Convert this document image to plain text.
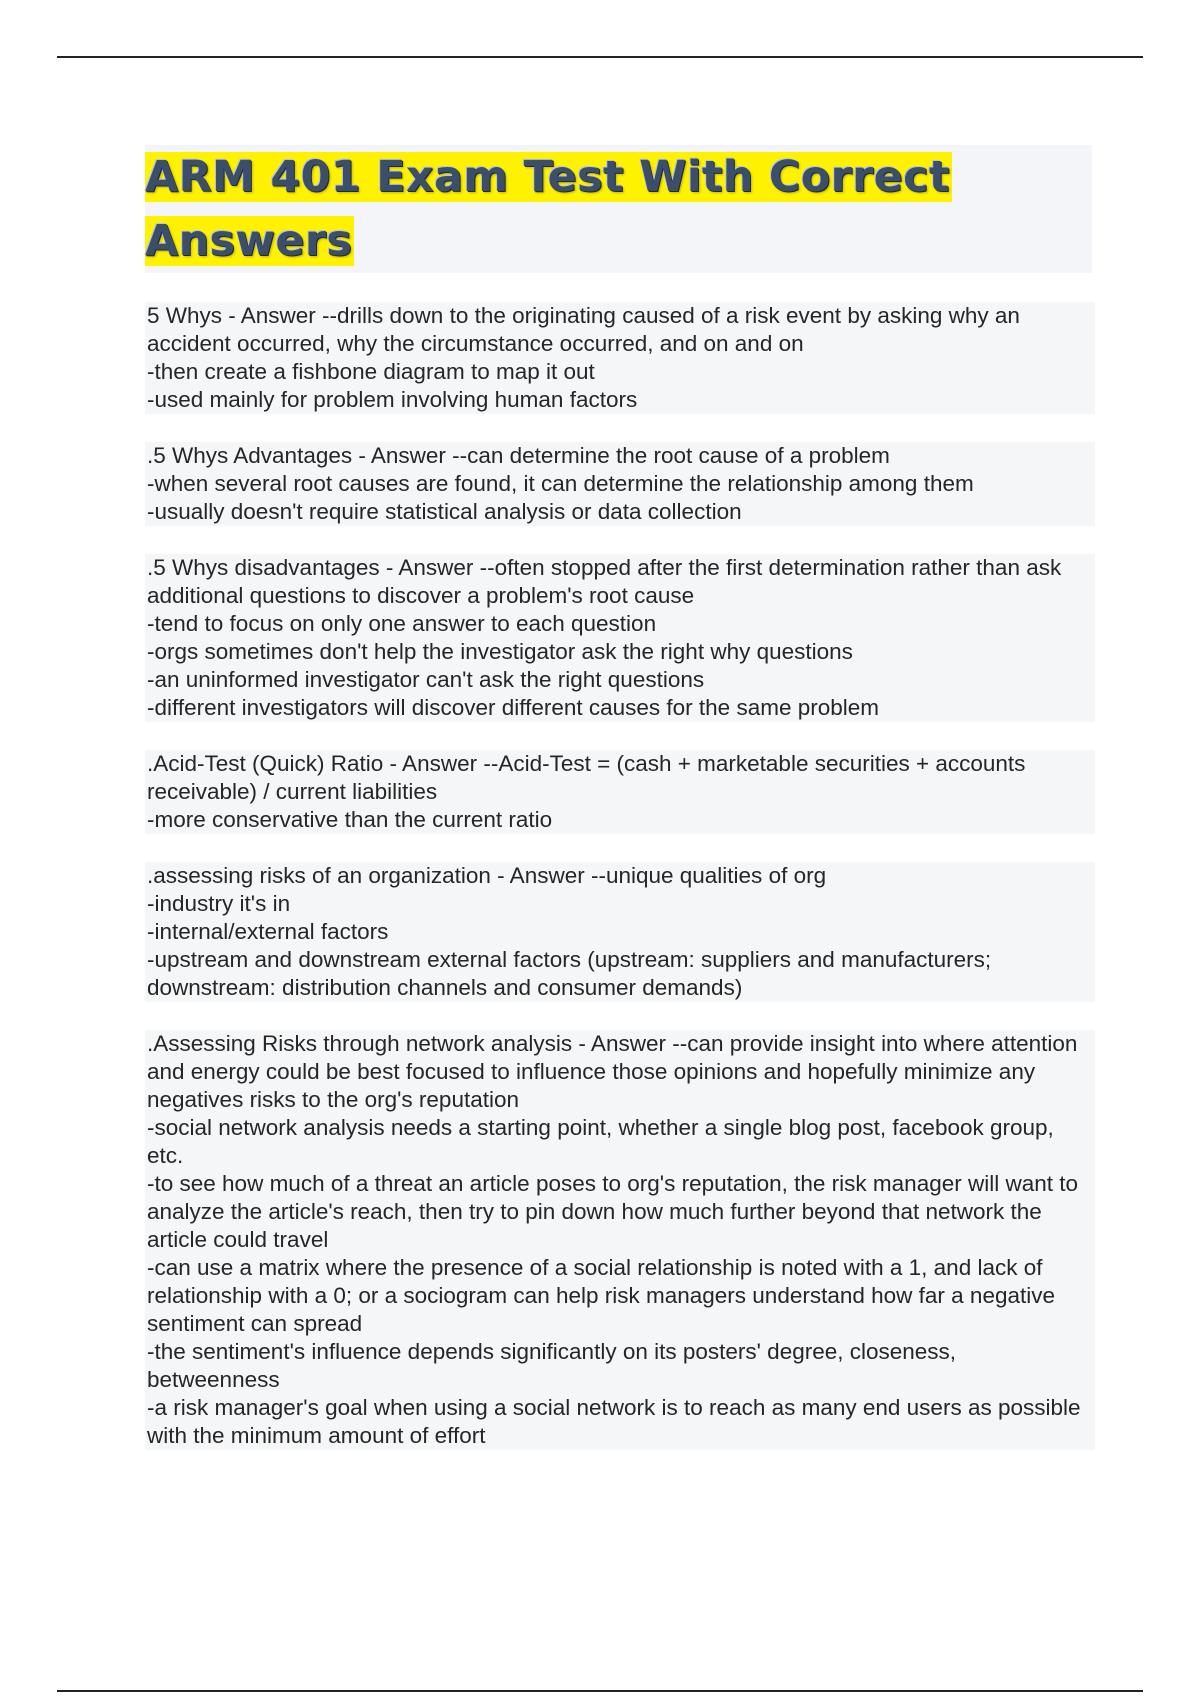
ARM 401 Exam Test With Correct
Answers

5 Whys - Answer --drills down to the originating caused of a risk event by asking why an accident occurred, why the circumstance occurred, and on and on

-then create a fishbone diagram to map it out

-used mainly for problem involving human factors

.5 Whys Advantages - Answer --can determine the root cause of a problem

-when several root causes are found, it can determine the relationship among them

-usually doesn't require statistical analysis or data collection

.5 Whys disadvantages - Answer --often stopped after the first determination rather than ask additional questions to discover a problem's root cause

-tend to focus on only one answer to each question

-orgs sometimes don't help the investigator ask the right why questions

-an uninformed investigator can't ask the right questions

-different investigators will discover different causes for the same problem

.Acid-Test (Quick) Ratio - Answer --Acid-Test = (cash + marketable securities + accounts receivable) / current liabilities

-more conservative than the current ratio

.assessing risks of an organization - Answer --unique qualities of org

-industry it's in

-internal/external factors

-upstream and downstream external factors (upstream: suppliers and manufacturers; downstream: distribution channels and consumer demands)

.Assessing Risks through network analysis - Answer --can provide insight into where attention and energy could be best focused to influence those opinions and hopefully minimize any negatives risks to the org's reputation

-social network analysis needs a starting point, whether a single blog post, facebook group, etc.

-to see how much of a threat an article poses to org's reputation, the risk manager will want to analyze the article's reach, then try to pin down how much further beyond that network the article could travel

-can use a matrix where the presence of a social relationship is noted with a 1, and lack of relationship with a 0; or a sociogram can help risk managers understand how far a negative sentiment can spread

-the sentiment's influence depends significantly on its posters' degree, closeness, betweenness

-a risk manager's goal when using a social network is to reach as many end users as possible with the minimum amount of effort
